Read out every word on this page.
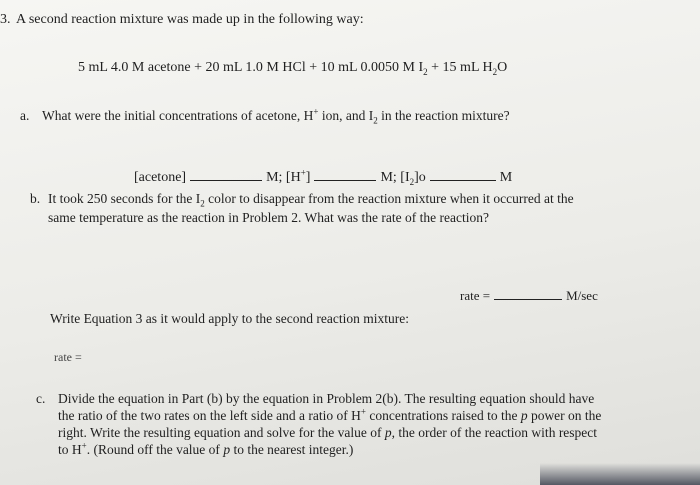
3. A second reaction mixture was made up in the following way:
5 mL 4.0 M acetone + 20 mL 1.0 M HCl + 10 mL 0.0050 M $I_2 + 15$ mL $H_2O$
a. What were the initial concentrations of acetone, H+ ion, and $I_2$ in the reaction mixture?
[acetone]	M; [H+]	M; $[I_2]o$	M
b. It took 250 seconds for the $I_2$ color to disappear from the reaction mixture when it occurred at the
same temperature as the reaction in Problem 2. What was the rate of the reaction?
rate =	M/sec
Write Equation 3 as it would apply to the second reaction mixture:
rate =
c. Divide the equation in Part (b) by the equation in Problem 2(b). The resulting equation should have
the ratio of the two rates on the left side and a ratio of H+ concentrations raised to the p power on the
right. Write the resulting equation and solve for the value of p, the order of the reaction with respect
to H+. (Round off the value of p to the nearest integer.)
